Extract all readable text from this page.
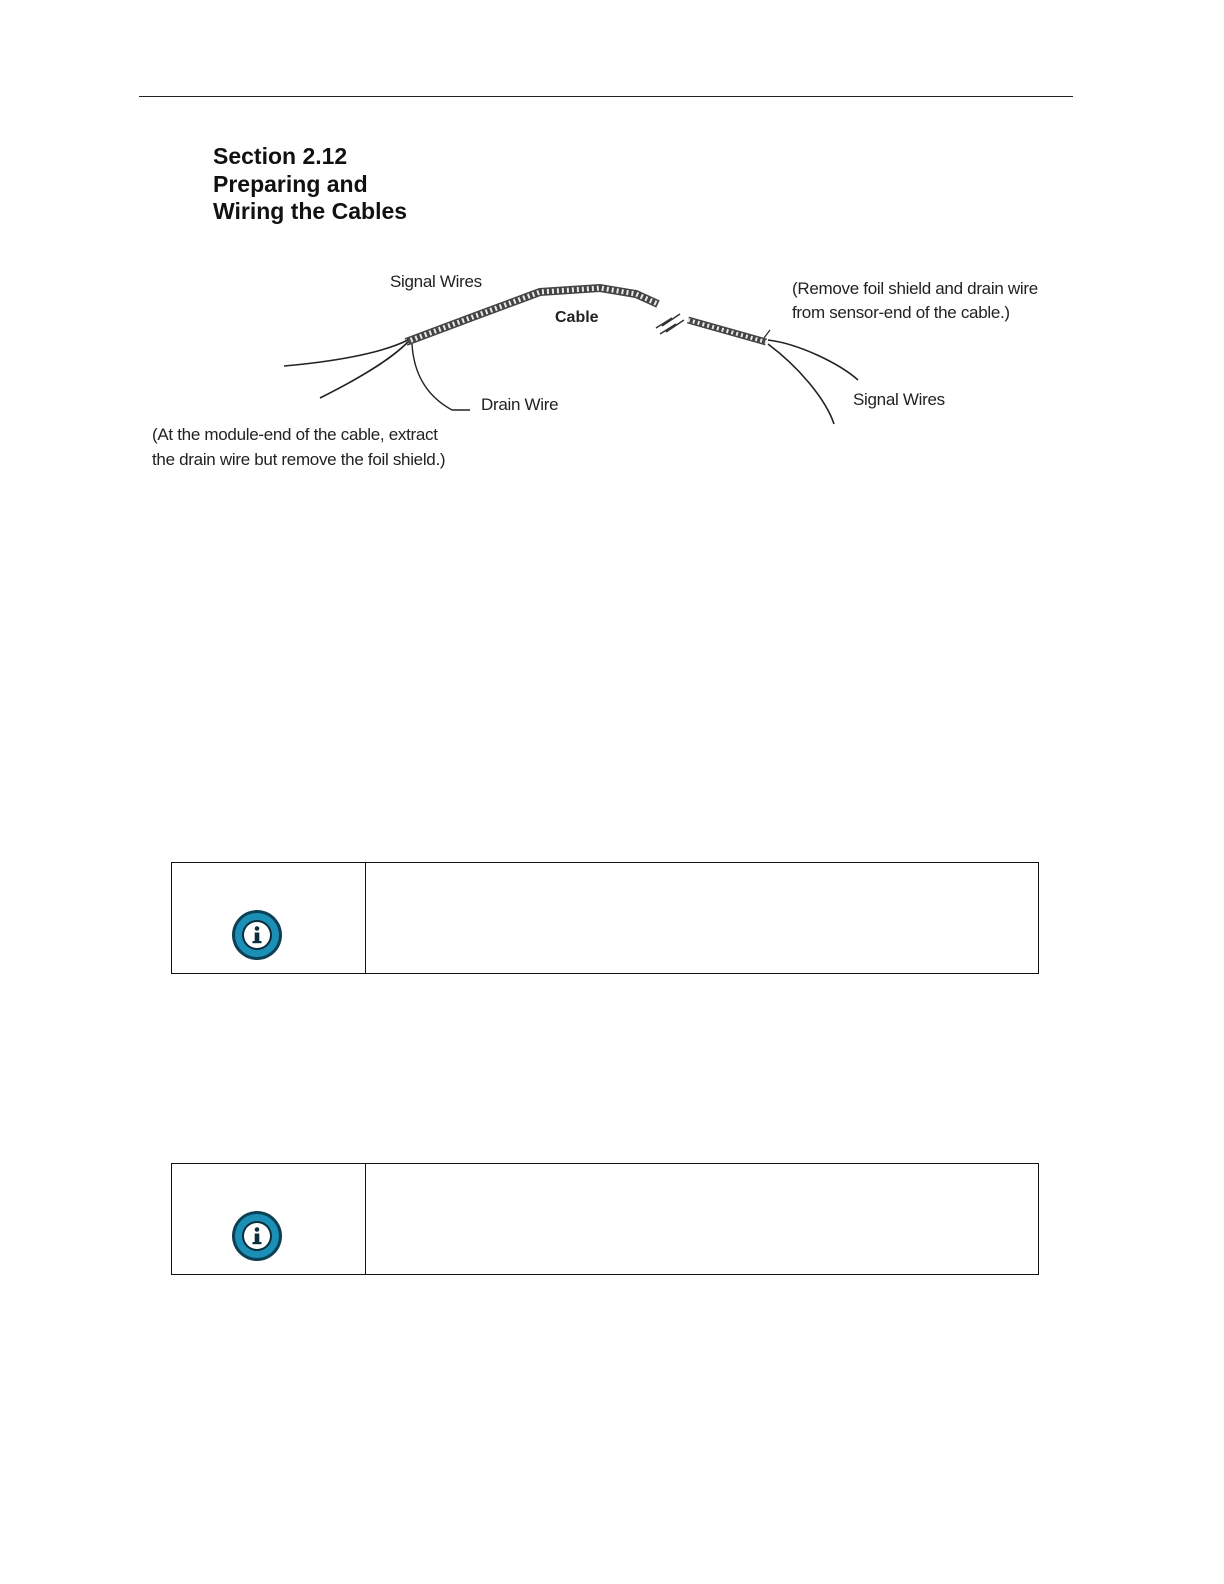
Section 2.12
Preparing and
Wiring the Cables
Signal Wires
Cable
Drain Wire
(At the module-end of the cable, extract
the drain wire but remove the foil shield.)
(Remove foil shield and drain wire
from sensor-end of the cable.)
Signal Wires
